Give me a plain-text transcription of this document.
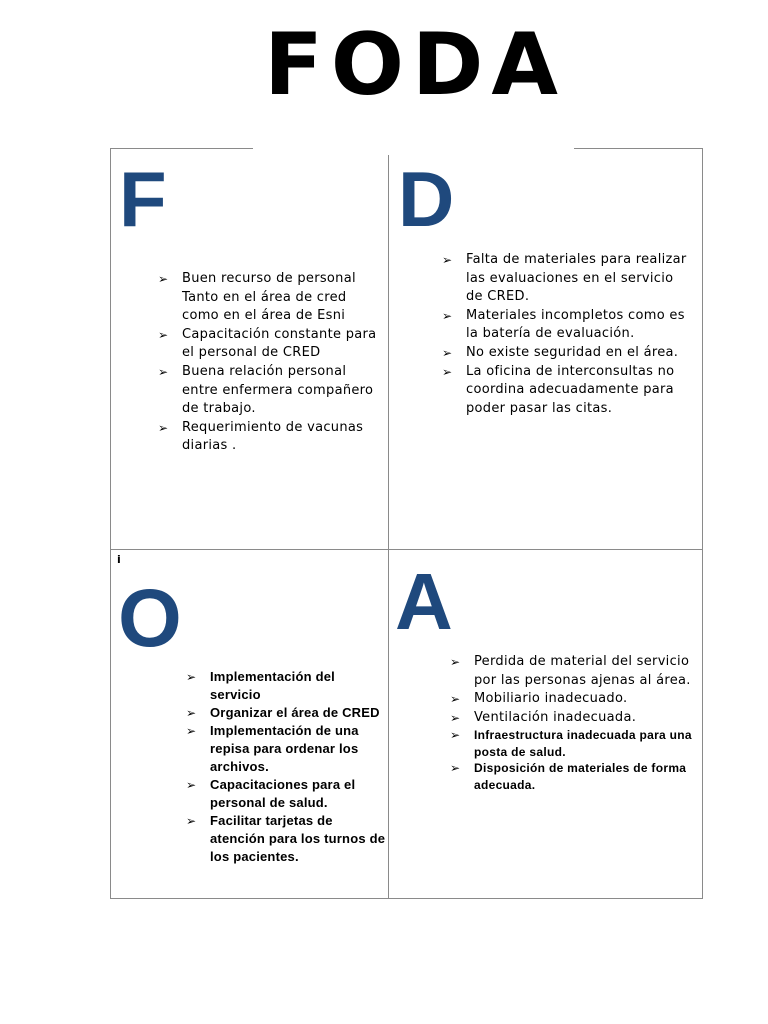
FODA
F
➢ Buen recurso de personal Tanto en el área de cred como en el área de Esni
➢ Capacitación constante para el personal de CRED
➢ Buena relación personal entre enfermera compañero de trabajo.
➢ Requerimiento de vacunas diarias .
D
➢ Falta de materiales para realizar las evaluaciones en el servicio de CRED.
➢ Materiales incompletos como es la batería de evaluación.
➢ No existe seguridad en el área.
➢ La oficina de interconsultas no coordina adecuadamente para poder pasar las citas.
i
O
➢ Implementación del servicio
➢ Organizar el área de CRED
➢ Implementación de una repisa para ordenar los archivos.
➢ Capacitaciones para el personal de salud.
➢ Facilitar tarjetas de atención para los turnos de los pacientes.
A
➢ Perdida de material del servicio por las personas ajenas al área.
➢ Mobiliario inadecuado.
➢ Ventilación inadecuada.
➢ Infraestructura inadecuada para una posta de salud.
➢ Disposición de materiales de forma adecuada.
